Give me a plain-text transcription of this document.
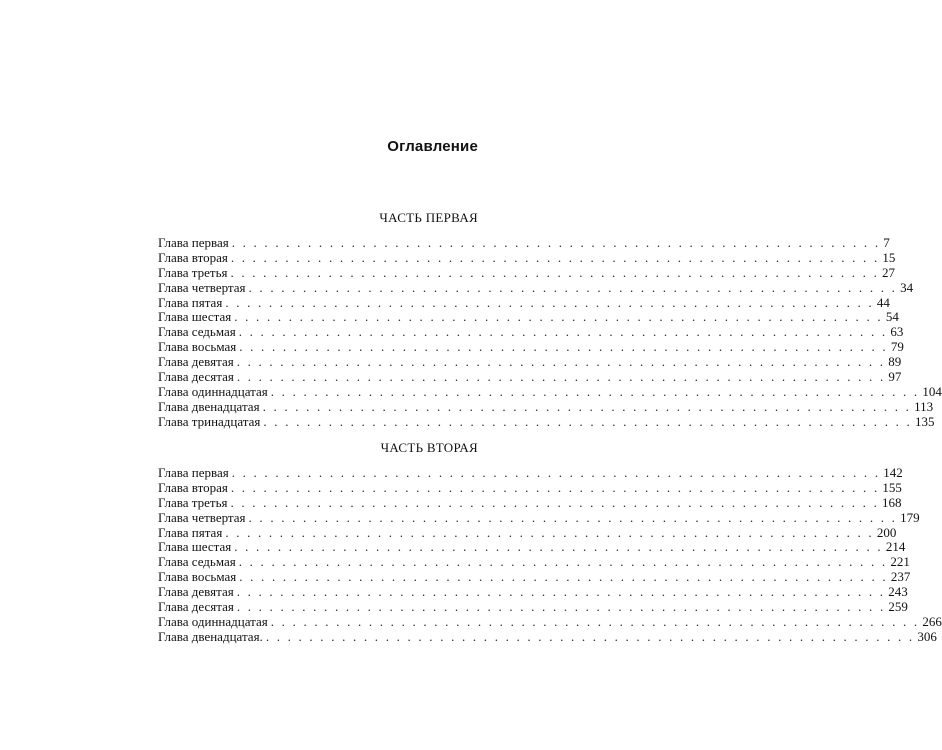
Оглавление
ЧАСТЬ ПЕРВАЯ
Глава первая . . . . . . . . . . . . . . . . . . . . . . . . . . . . . . . . . . . . . . . . . . . . . . . . . . . . . . . . . . . . 7
Глава вторая . . . . . . . . . . . . . . . . . . . . . . . . . . . . . . . . . . . . . . . . . . . . . . . . . . . . . . . . . . . . 15
Глава третья . . . . . . . . . . . . . . . . . . . . . . . . . . . . . . . . . . . . . . . . . . . . . . . . . . . . . . . . . . . . 27
Глава четвертая . . . . . . . . . . . . . . . . . . . . . . . . . . . . . . . . . . . . . . . . . . . . . . . . . . . . . . . . . . . . 34
Глава пятая . . . . . . . . . . . . . . . . . . . . . . . . . . . . . . . . . . . . . . . . . . . . . . . . . . . . . . . . . . . . 44
Глава шестая . . . . . . . . . . . . . . . . . . . . . . . . . . . . . . . . . . . . . . . . . . . . . . . . . . . . . . . . . . . . 54
Глава седьмая . . . . . . . . . . . . . . . . . . . . . . . . . . . . . . . . . . . . . . . . . . . . . . . . . . . . . . . . . . . . 63
Глава восьмая . . . . . . . . . . . . . . . . . . . . . . . . . . . . . . . . . . . . . . . . . . . . . . . . . . . . . . . . . . . . 79
Глава девятая . . . . . . . . . . . . . . . . . . . . . . . . . . . . . . . . . . . . . . . . . . . . . . . . . . . . . . . . . . . . 89
Глава десятая . . . . . . . . . . . . . . . . . . . . . . . . . . . . . . . . . . . . . . . . . . . . . . . . . . . . . . . . . . . . 97
Глава одиннадцатая . . . . . . . . . . . . . . . . . . . . . . . . . . . . . . . . . . . . . . . . . . . . . . . . . . . . . . . . . . . . 104
Глава двенадцатая . . . . . . . . . . . . . . . . . . . . . . . . . . . . . . . . . . . . . . . . . . . . . . . . . . . . . . . . . . . . 113
Глава тринадцатая . . . . . . . . . . . . . . . . . . . . . . . . . . . . . . . . . . . . . . . . . . . . . . . . . . . . . . . . . . . . 135
ЧАСТЬ ВТОРАЯ
Глава первая . . . . . . . . . . . . . . . . . . . . . . . . . . . . . . . . . . . . . . . . . . . . . . . . . . . . . . . . . . . . 142
Глава вторая . . . . . . . . . . . . . . . . . . . . . . . . . . . . . . . . . . . . . . . . . . . . . . . . . . . . . . . . . . . . 155
Глава третья . . . . . . . . . . . . . . . . . . . . . . . . . . . . . . . . . . . . . . . . . . . . . . . . . . . . . . . . . . . . 168
Глава четвертая . . . . . . . . . . . . . . . . . . . . . . . . . . . . . . . . . . . . . . . . . . . . . . . . . . . . . . . . . . . . 179
Глава пятая . . . . . . . . . . . . . . . . . . . . . . . . . . . . . . . . . . . . . . . . . . . . . . . . . . . . . . . . . . . . 200
Глава шестая . . . . . . . . . . . . . . . . . . . . . . . . . . . . . . . . . . . . . . . . . . . . . . . . . . . . . . . . . . . . 214
Глава седьмая . . . . . . . . . . . . . . . . . . . . . . . . . . . . . . . . . . . . . . . . . . . . . . . . . . . . . . . . . . . . 221
Глава восьмая . . . . . . . . . . . . . . . . . . . . . . . . . . . . . . . . . . . . . . . . . . . . . . . . . . . . . . . . . . . . 237
Глава девятая . . . . . . . . . . . . . . . . . . . . . . . . . . . . . . . . . . . . . . . . . . . . . . . . . . . . . . . . . . . . 243
Глава десятая . . . . . . . . . . . . . . . . . . . . . . . . . . . . . . . . . . . . . . . . . . . . . . . . . . . . . . . . . . . . 259
Глава одиннадцатая . . . . . . . . . . . . . . . . . . . . . . . . . . . . . . . . . . . . . . . . . . . . . . . . . . . . . . . . . . . . 266
Глава двенадцатая. . . . . . . . . . . . . . . . . . . . . . . . . . . . . . . . . . . . . . . . . . . . . . . . . . . . . . . . . . . . . 306
